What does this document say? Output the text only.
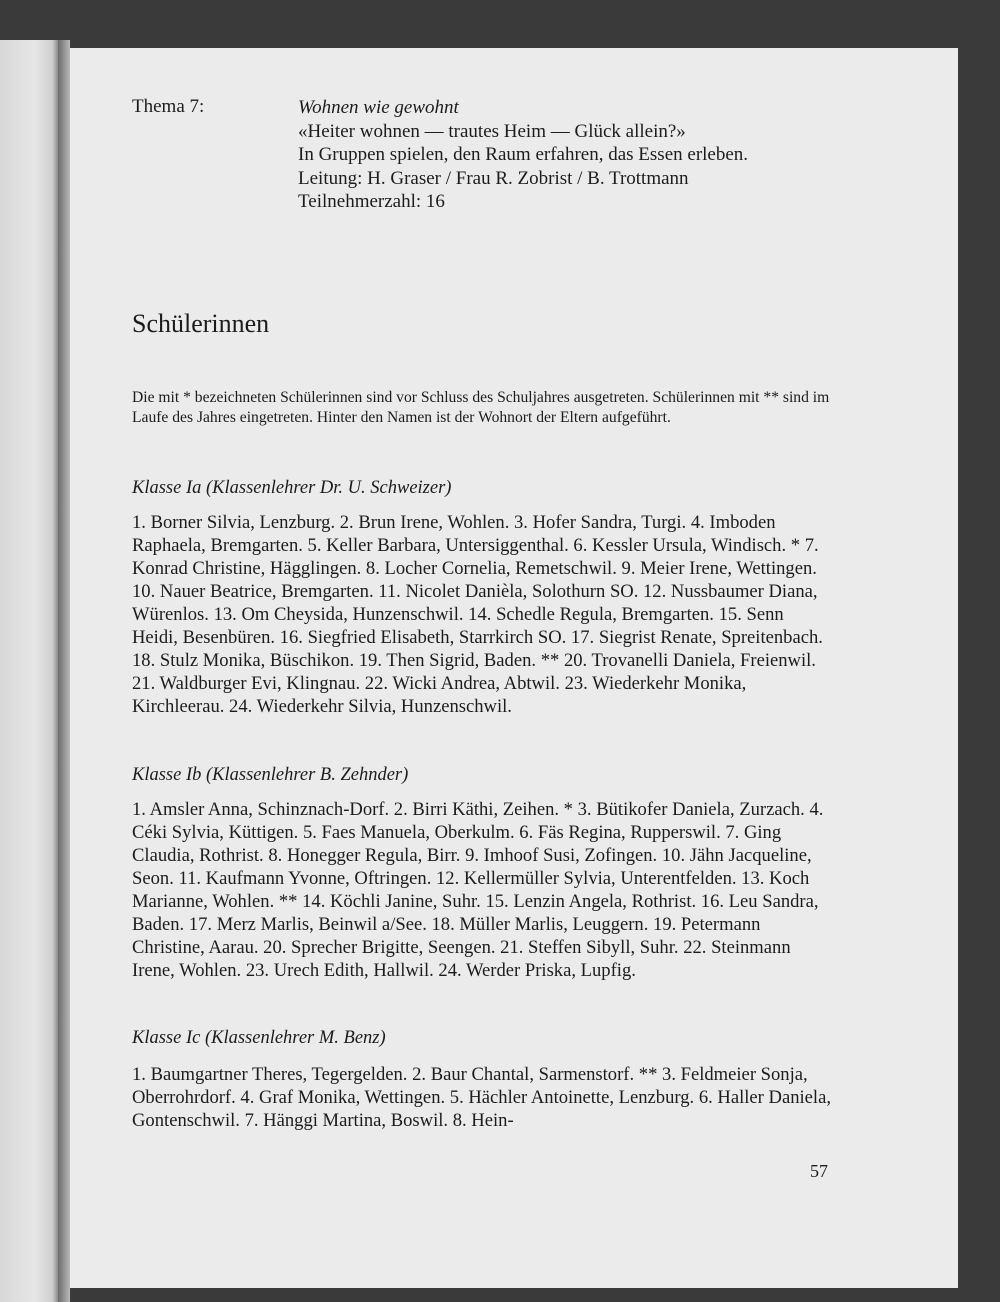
Thema 7:	Wohnen wie gewohnt
«Heiter wohnen — trautes Heim — Glück allein?»
In Gruppen spielen, den Raum erfahren, das Essen erleben.
Leitung: H. Graser / Frau R. Zobrist / B. Trottmann
Teilnehmerzahl: 16
Schülerinnen

Die mit * bezeichneten Schülerinnen sind vor Schluss des Schuljahres ausgetreten. Schülerinnen mit ** sind im Laufe des Jahres eingetreten. Hinter den Namen ist der Wohnort der Eltern aufgeführt.

Klasse Ia (Klassenlehrer Dr. U. Schweizer)

1. Borner Silvia, Lenzburg. 2. Brun Irene, Wohlen. 3. Hofer Sandra, Turgi. 4. Imboden Raphaela, Bremgarten. 5. Keller Barbara, Untersiggenthal. 6. Kessler Ursula, Windisch. * 7. Konrad Christine, Hägglingen. 8. Locher Cornelia, Remetschwil. 9. Meier Irene, Wettingen. 10. Nauer Beatrice, Bremgarten. 11. Nicolet Danièla, Solothurn SO. 12. Nussbaumer Diana, Würenlos. 13. Om Cheysida, Hunzenschwil. 14. Schedle Regula, Bremgarten. 15. Senn Heidi, Besenbüren. 16. Siegfried Elisabeth, Starrkirch SO. 17. Siegrist Renate, Spreitenbach. 18. Stulz Monika, Büschikon. 19. Then Sigrid, Baden. ** 20. Trovanelli Daniela, Freienwil. 21. Waldburger Evi, Klingnau. 22. Wicki Andrea, Abtwil. 23. Wiederkehr Monika, Kirchleerau. 24. Wiederkehr Silvia, Hunzenschwil.

Klasse Ib (Klassenlehrer B. Zehnder)

1. Amsler Anna, Schinznach-Dorf. 2. Birri Käthi, Zeihen. * 3. Bütikofer Daniela, Zurzach. 4. Céki Sylvia, Küttigen. 5. Faes Manuela, Oberkulm. 6. Fäs Regina, Rupperswil. 7. Ging Claudia, Rothrist. 8. Honegger Regula, Birr. 9. Imhoof Susi, Zofingen. 10. Jähn Jacqueline, Seon. 11. Kaufmann Yvonne, Oftringen. 12. Kellermüller Sylvia, Unterentfelden. 13. Koch Marianne, Wohlen. ** 14. Köchli Janine, Suhr. 15. Lenzin Angela, Rothrist. 16. Leu Sandra, Baden. 17. Merz Marlis, Beinwil a/See. 18. Müller Marlis, Leuggern. 19. Petermann Christine, Aarau. 20. Sprecher Brigitte, Seengen. 21. Steffen Sibyll, Suhr. 22. Steinmann Irene, Wohlen. 23. Urech Edith, Hallwil. 24. Werder Priska, Lupfig.

Klasse Ic (Klassenlehrer M. Benz)

1. Baumgartner Theres, Tegergelden. 2. Baur Chantal, Sarmenstorf. ** 3. Feldmeier Sonja, Oberrohrdorf. 4. Graf Monika, Wettingen. 5. Hächler Antoinette, Lenzburg. 6. Haller Daniela, Gontenschwil. 7. Hänggi Martina, Boswil. 8. Hein-

57
